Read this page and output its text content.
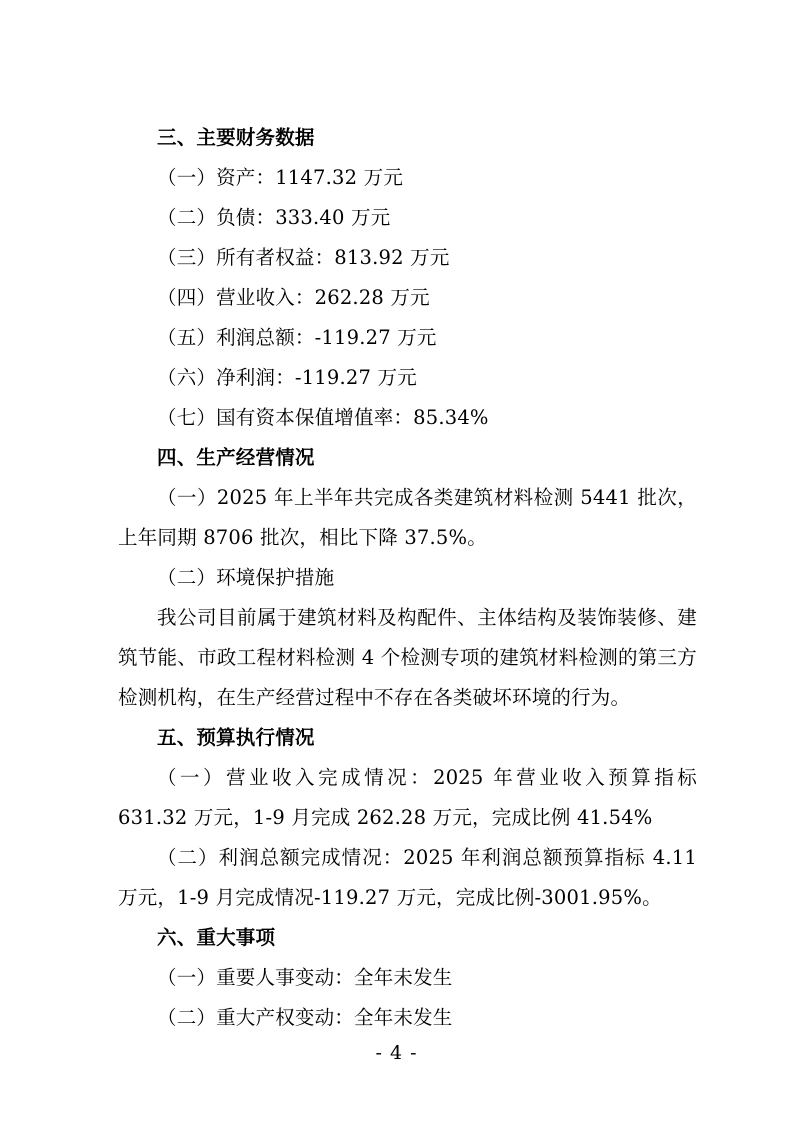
三、主要财务数据

（一）资产：1147.32 万元

（二）负债：333.40 万元

（三）所有者权益：813.92 万元

（四）营业收入：262.28 万元

（五）利润总额：-119.27 万元

（六）净利润：-119.27 万元

（七）国有资本保值增值率：85.34%

四、生产经营情况

（一）2025 年上半年共完成各类建筑材料检测 5441 批次，上年同期 8706 批次，相比下降 37.5%。

（二）环境保护措施

我公司目前属于建筑材料及构配件、主体结构及装饰装修、建筑节能、市政工程材料检测 4 个检测专项的建筑材料检测的第三方检测机构，在生产经营过程中不存在各类破坏环境的行为。

五、预算执行情况

（一）营业收入完成情况：2025 年营业收入预算指标 631.32 万元，1-9 月完成 262.28 万元，完成比例 41.54%

（二）利润总额完成情况：2025 年利润总额预算指标 4.11 万元，1-9 月完成情况-119.27 万元，完成比例-3001.95%。

六、重大事项

（一）重要人事变动：全年未发生

（二）重大产权变动：全年未发生

- 4 -
